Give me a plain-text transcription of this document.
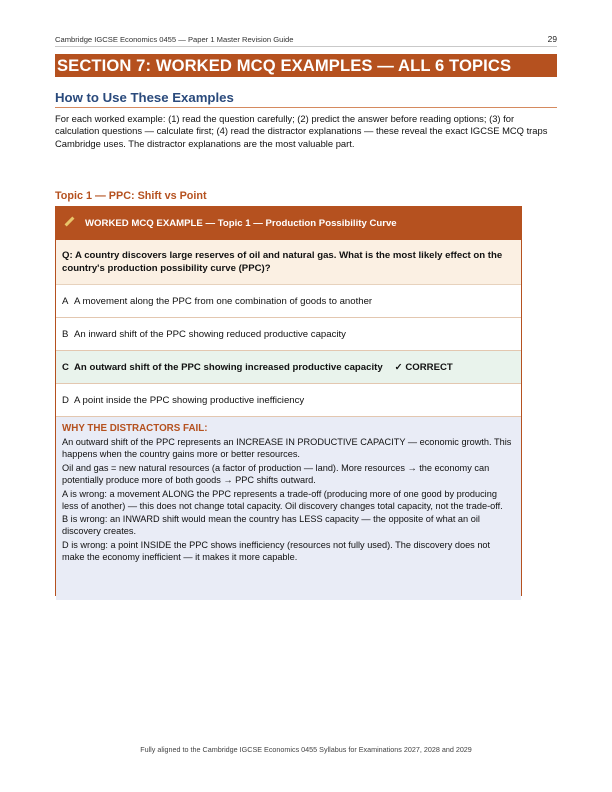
Cambridge IGCSE Economics 0455 — Paper 1 Master Revision Guide	29
SECTION 7: WORKED MCQ EXAMPLES — ALL 6 TOPICS
How to Use These Examples
For each worked example: (1) read the question carefully; (2) predict the answer before reading options; (3) for calculation questions — calculate first; (4) read the distractor explanations — these reveal the exact IGCSE MCQ traps Cambridge uses. The distractor explanations are the most valuable part.
Topic 1 — PPC: Shift vs Point
WORKED MCQ EXAMPLE — Topic 1 — Production Possibility Curve
Q: A country discovers large reserves of oil and natural gas. What is the most likely effect on the country's production possibility curve (PPC)?
A A movement along the PPC from one combination of goods to another
B An inward shift of the PPC showing reduced productive capacity
C An outward shift of the PPC showing increased productive capacity ✓ CORRECT
D A point inside the PPC showing productive inefficiency
WHY THE DISTRACTORS FAIL:

An outward shift of the PPC represents an INCREASE IN PRODUCTIVE CAPACITY — economic growth. This happens when the country gains more or better resources.

Oil and gas = new natural resources (a factor of production — land). More resources → the economy can potentially produce more of both goods → PPC shifts outward.

A is wrong: a movement ALONG the PPC represents a trade-off (producing more of one good by producing less of another) — this does not change total capacity. Oil discovery changes total capacity, not the trade-off.

B is wrong: an INWARD shift would mean the country has LESS capacity — the opposite of what an oil discovery creates.

D is wrong: a point INSIDE the PPC shows inefficiency (resources not fully used). The discovery does not make the economy inefficient — it makes it more capable.

Fully aligned to the Cambridge IGCSE Economics 0455 Syllabus for Examinations 2027, 2028 and 2029
